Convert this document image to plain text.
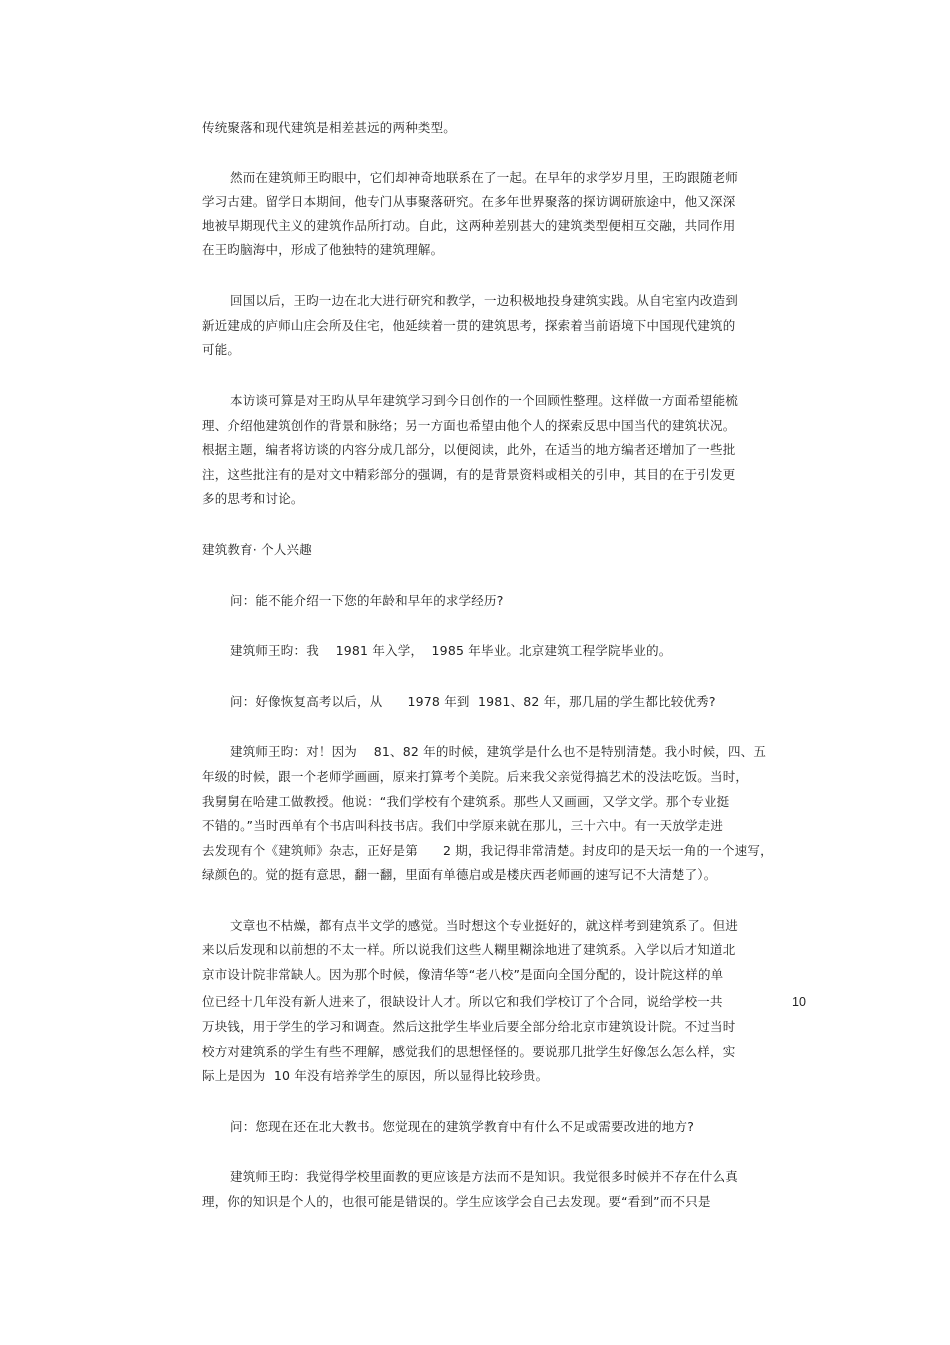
传统聚落和现代建筑是相差甚远的两种类型。
然而在建筑师王昀眼中，它们却神奇地联系在了一起。在早年的求学岁月里，王昀跟随老师
学习古建。留学日本期间，他专门从事聚落研究。在多年世界聚落的探访调研旅途中，他又深深
地被早期现代主义的建筑作品所打动。自此，这两种差别甚大的建筑类型便相互交融，共同作用
在王昀脑海中，形成了他独特的建筑理解。
回国以后，王昀一边在北大进行研究和教学，一边积极地投身建筑实践。从自宅室内改造到
新近建成的庐师山庄会所及住宅，他延续着一贯的建筑思考，探索着当前语境下中国现代建筑的
可能。
本访谈可算是对王昀从早年建筑学习到今日创作的一个回顾性整理。这样做一方面希望能梳
理、介绍他建筑创作的背景和脉络；另一方面也希望由他个人的探索反思中国当代的建筑状况。
根据主题，编者将访谈的内容分成几部分，以便阅读，此外，在适当的地方编者还增加了一些批
注，这些批注有的是对文中精彩部分的强调，有的是背景资料或相关的引申，其目的在于引发更
多的思考和讨论。
建筑教育· 个人兴趣
问：能不能介绍一下您的年龄和早年的求学经历?
建筑师王昀：我    1981 年入学，  1985 年毕业。北京建筑工程学院毕业的。
问：好像恢复高考以后，从      1978 年到  1981、82 年，那几届的学生都比较优秀?
建筑师王昀：对！因为    81、82 年的时候，建筑学是什么也不是特别清楚。我小时候，四、五
年级的时候，跟一个老师学画画，原来打算考个美院。后来我父亲觉得搞艺术的没法吃饭。当时，
我舅舅在哈建工做教授。他说：“我们学校有个建筑系。那些人又画画，又学文学。那个专业挺
不错的。”当时西单有个书店叫科技书店。我们中学原来就在那儿，三十六中。有一天放学走进
去发现有个《建筑师》杂志，正好是第      2 期，我记得非常清楚。封皮印的是天坛一角的一个速写，
绿颜色的。觉的挺有意思，翻一翻，里面有单德启或是楼庆西老师画的速写记不大清楚了）。
文章也不枯燥，都有点半文学的感觉。当时想这个专业挺好的，就这样考到建筑系了。但进
来以后发现和以前想的不太一样。所以说我们这些人糊里糊涂地进了建筑系。入学以后才知道北
京市设计院非常缺人。因为那个时候，像清华等“老八校”是面向全国分配的，设计院这样的单
位已经十几年没有新人进来了，很缺设计人才。所以它和我们学校订了个合同，说给学校一共
万块钱，用于学生的学习和调查。然后这批学生毕业后要全部分给北京市建筑设计院。不过当时
校方对建筑系的学生有些不理解，感觉我们的思想怪怪的。要说那几批学生好像怎么怎么样，实
际上是因为  10 年没有培养学生的原因，所以显得比较珍贵。
问：您现在还在北大教书。您觉现在的建筑学教育中有什么不足或需要改进的地方?
建筑师王昀：我觉得学校里面教的更应该是方法而不是知识。我觉很多时候并不存在什么真
理，你的知识是个人的，也很可能是错误的。学生应该学会自己去发现。要“看到”而不只是
10
